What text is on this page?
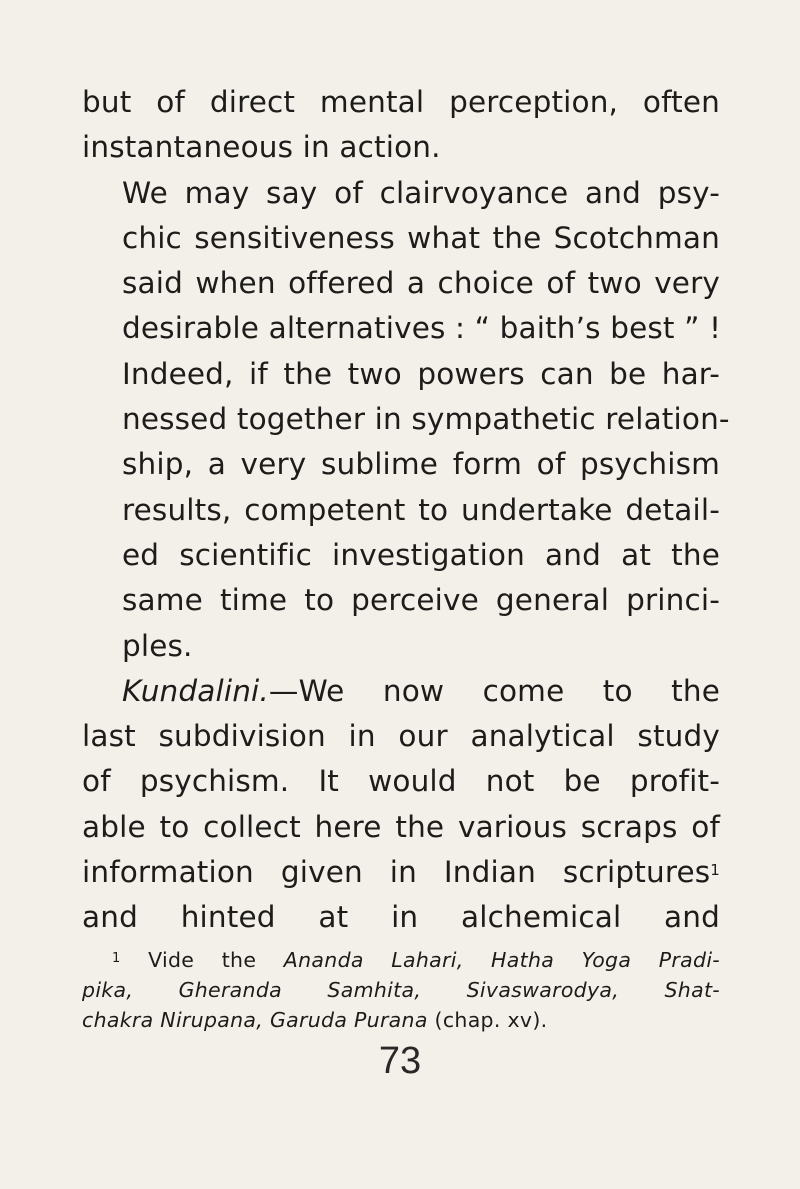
but of direct mental perception, often
instantaneous in action.

We may say of clairvoyance and psy-
chic sensitiveness what the Scotchman
said when offered a choice of two very
desirable alternatives : “ baith’s best ” !
Indeed, if the two powers can be har-
nessed together in sympathetic relation-
ship, a very sublime form of psychism
results, competent to undertake detail-
ed scientific investigation and at the
same time to perceive general princi-
ples.

Kundalini.—We now come to the
last subdivision in our analytical study
of psychism. It would not be profit-
able to collect here the various scraps of
information given in Indian scriptures$^1$
and hinted at in alchemical and

$^1$ Vide the Ananda Lahari, Hatha Yoga Pradi-
pika, Gheranda Samhita, Sivaswarodya, Shat-
chakra Nirupana, Garuda Purana (chap. xv).
73
